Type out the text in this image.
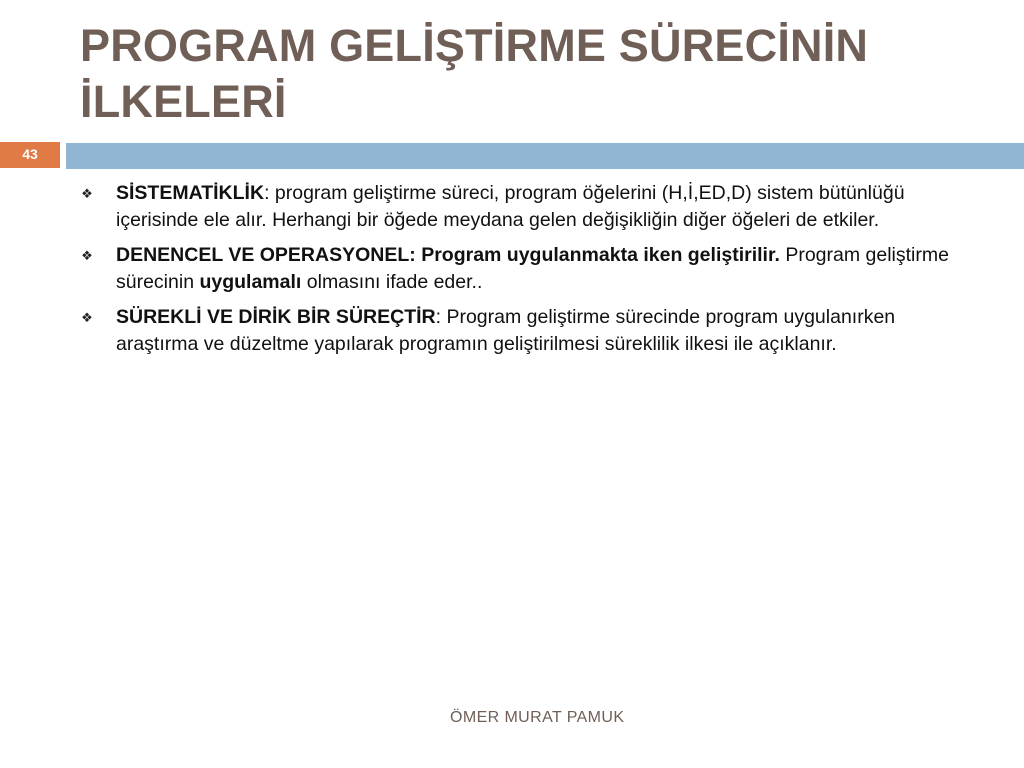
PROGRAM GELİŞTİRME SÜRECİNİN İLKELERİ
43
❖ SİSTEMATİKLİK: program geliştirme süreci, program öğelerini (H,İ,ED,D) sistem bütünlüğü içerisinde ele alır. Herhangi bir öğede meydana gelen değişikliğin diğer öğeleri de etkiler.
❖ DENENCEL VE OPERASYONEL: Program uygulanmakta iken geliştirilir. Program geliştirme sürecinin uygulamalı olmasını ifade eder..
❖ SÜREKLİ VE DİRİK BİR SÜREÇTİR: Program geliştirme sürecinde program uygulanırken araştırma ve düzeltme yapılarak programın geliştirilmesi süreklilik ilkesi ile açıklanır.
ÖMER MURAT PAMUK
